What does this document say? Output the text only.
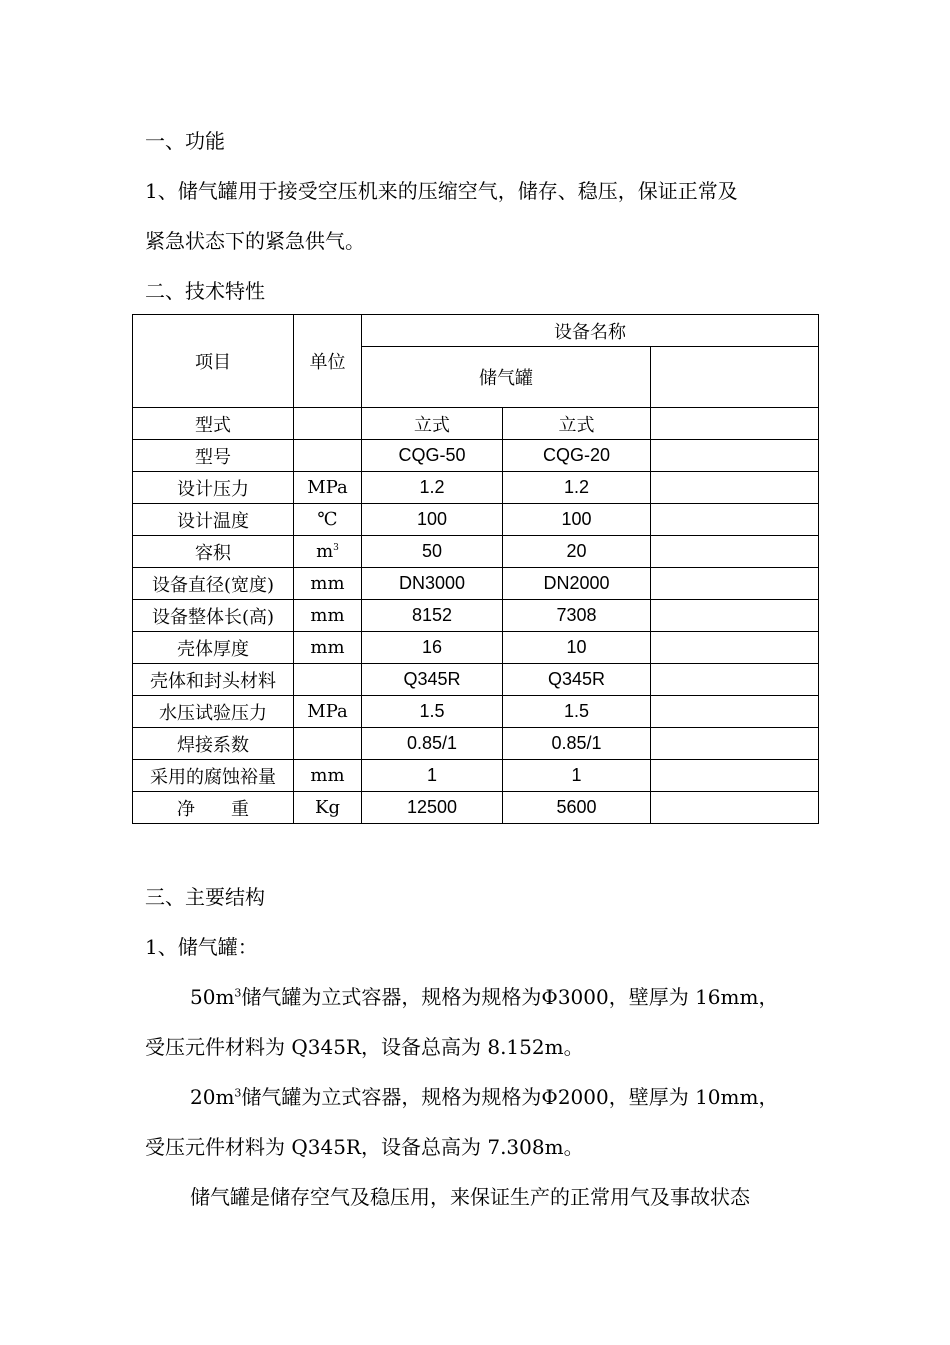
一、功能
1、储气罐用于接受空压机来的压缩空气，储存、稳压，保证正常及
紧急状态下的紧急供气。
二、技术特性
项目	单位	设备名称		
		储气罐		
型式		立式	立式	
型号		CQG-50	CQG-20	
设计压力	MPa	1.2	1.2	
设计温度	℃	100	100	
容积	$m^3$	50	20	
设备直径(宽度)	mm	DN3000	DN2000	
设备整体长(高)	mm	8152	7308	
壳体厚度	mm	16	10	
壳体和封头材料		Q345R	Q345R	
水压试验压力	MPa	1.5	1.5	
焊接系数		0.85/1	0.85/1	
采用的腐蚀裕量	mm	1	1	
净　　重	Kg	12500	5600	
三、主要结构
1、储气罐：
$50m^3$储气罐为立式容器，规格为规格为Φ3000，壁厚为 16mm，
受压元件材料为 Q345R，设备总高为 8.152m。
$20m^3$储气罐为立式容器，规格为规格为Φ2000，壁厚为 10mm，
受压元件材料为 Q345R，设备总高为 7.308m。
储气罐是储存空气及稳压用，来保证生产的正常用气及事故状态
